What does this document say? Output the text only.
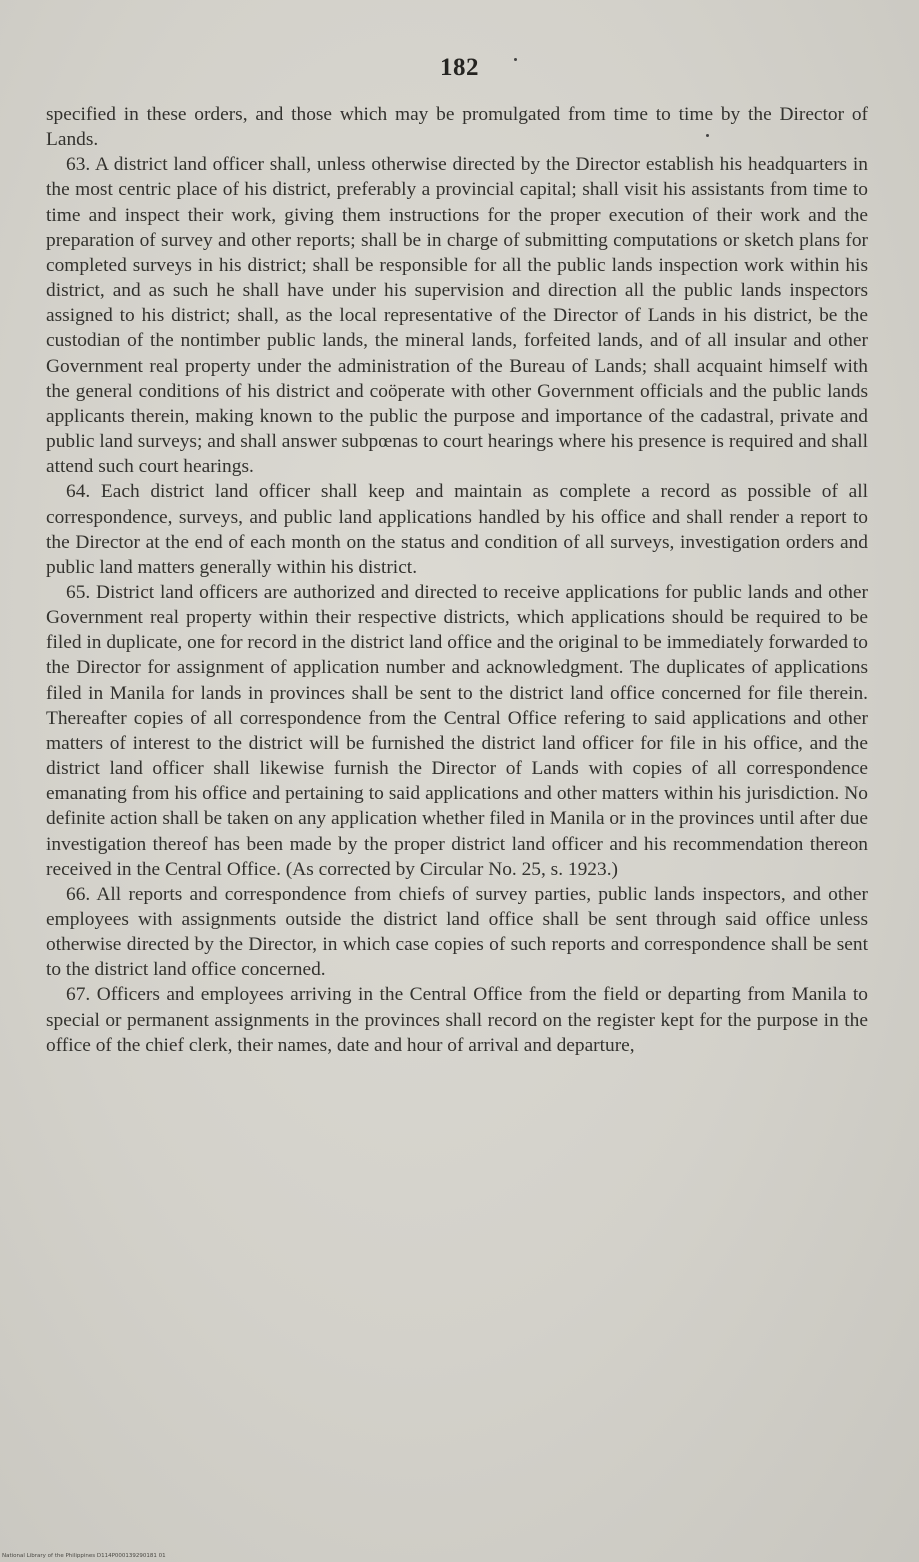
182

specified in these orders, and those which may be promulgated from time to time by the Director of Lands.

63. A district land officer shall, unless otherwise directed by the Director establish his headquarters in the most centric place of his district, preferably a provincial capital; shall visit his assistants from time to time and inspect their work, giving them instructions for the proper execution of their work and the preparation of survey and other reports; shall be in charge of submitting computations or sketch plans for completed surveys in his district; shall be responsible for all the public lands inspection work within his district, and as such he shall have under his supervision and direction all the public lands inspectors assigned to his district; shall, as the local representative of the Director of Lands in his district, be the custodian of the nontimber public lands, the mineral lands, forfeited lands, and of all insular and other Government real property under the administration of the Bureau of Lands; shall acquaint himself with the general conditions of his district and coöperate with other Government officials and the public lands applicants therein, making known to the public the purpose and importance of the cadastral, private and public land surveys; and shall answer subpœnas to court hearings where his presence is required and shall attend such court hearings.

64. Each district land officer shall keep and maintain as complete a record as possible of all correspondence, surveys, and public land applications handled by his office and shall render a report to the Director at the end of each month on the status and condition of all surveys, investigation orders and public land matters generally within his district.

65. District land officers are authorized and directed to receive applications for public lands and other Government real property within their respective districts, which applications should be required to be filed in duplicate, one for record in the district land office and the original to be immediately forwarded to the Director for assignment of application number and acknowledgment. The duplicates of applications filed in Manila for lands in provinces shall be sent to the district land office concerned for file therein. Thereafter copies of all correspondence from the Central Office refering to said applications and other matters of interest to the district will be furnished the district land officer for file in his office, and the district land officer shall likewise furnish the Director of Lands with copies of all correspondence emanating from his office and pertaining to said applications and other matters within his jurisdiction. No definite action shall be taken on any application whether filed in Manila or in the provinces until after due investigation thereof has been made by the proper district land officer and his recommendation thereon received in the Central Office. (As corrected by Circular No. 25, s. 1923.)

66. All reports and correspondence from chiefs of survey parties, public lands inspectors, and other employees with assignments outside the district land office shall be sent through said office unless otherwise directed by the Director, in which case copies of such reports and correspondence shall be sent to the district land office concerned.

67. Officers and employees arriving in the Central Office from the field or departing from Manila to special or permanent assignments in the provinces shall record on the register kept for the purpose in the office of the chief clerk, their names, date and hour of arrival and departure,

National Library of the Philippines D114P000139290181 01
